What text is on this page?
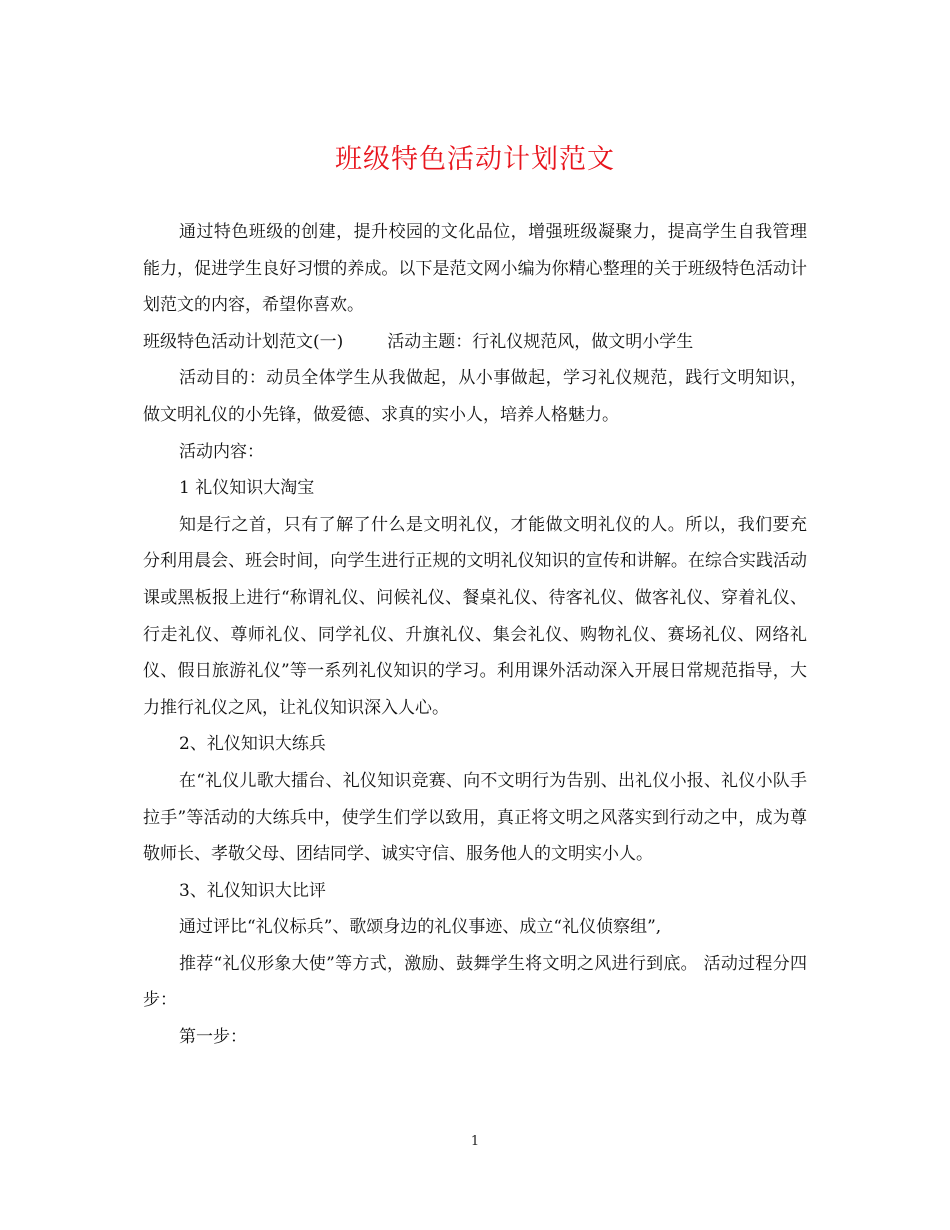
班级特色活动计划范文

通过特色班级的创建，提升校园的文化品位，增强班级凝聚力，提高学生自我管理能力，促进学生良好习惯的养成。以下是范文网小编为你精心整理的关于班级特色活动计划范文的内容，希望你喜欢。

班级特色活动计划范文(一)	活动主题：行礼仪规范风，做文明小学生

活动目的：动员全体学生从我做起，从小事做起，学习礼仪规范，践行文明知识，做文明礼仪的小先锋，做爱德、求真的实小人，培养人格魅力。

活动内容：

1 礼仪知识大淘宝

知是行之首，只有了解了什么是文明礼仪，才能做文明礼仪的人。所以，我们要充分利用晨会、班会时间，向学生进行正规的文明礼仪知识的宣传和讲解。在综合实践活动课或黑板报上进行“称谓礼仪、问候礼仪、餐桌礼仪、待客礼仪、做客礼仪、穿着礼仪、行走礼仪、尊师礼仪、同学礼仪、升旗礼仪、集会礼仪、购物礼仪、赛场礼仪、网络礼仪、假日旅游礼仪”等一系列礼仪知识的学习。利用课外活动深入开展日常规范指导，大力推行礼仪之风，让礼仪知识深入人心。

2、礼仪知识大练兵

在“礼仪儿歌大擂台、礼仪知识竞赛、向不文明行为告别、出礼仪小报、礼仪小队手拉手”等活动的大练兵中，使学生们学以致用，真正将文明之风落实到行动之中，成为尊敬师长、孝敬父母、团结同学、诚实守信、服务他人的文明实小人。

3、礼仪知识大比评

通过评比“礼仪标兵”、歌颂身边的礼仪事迹、成立“礼仪侦察组”,

推荐“礼仪形象大使”等方式，激励、鼓舞学生将文明之风进行到底。 活动过程分四步：

第一步：

1
